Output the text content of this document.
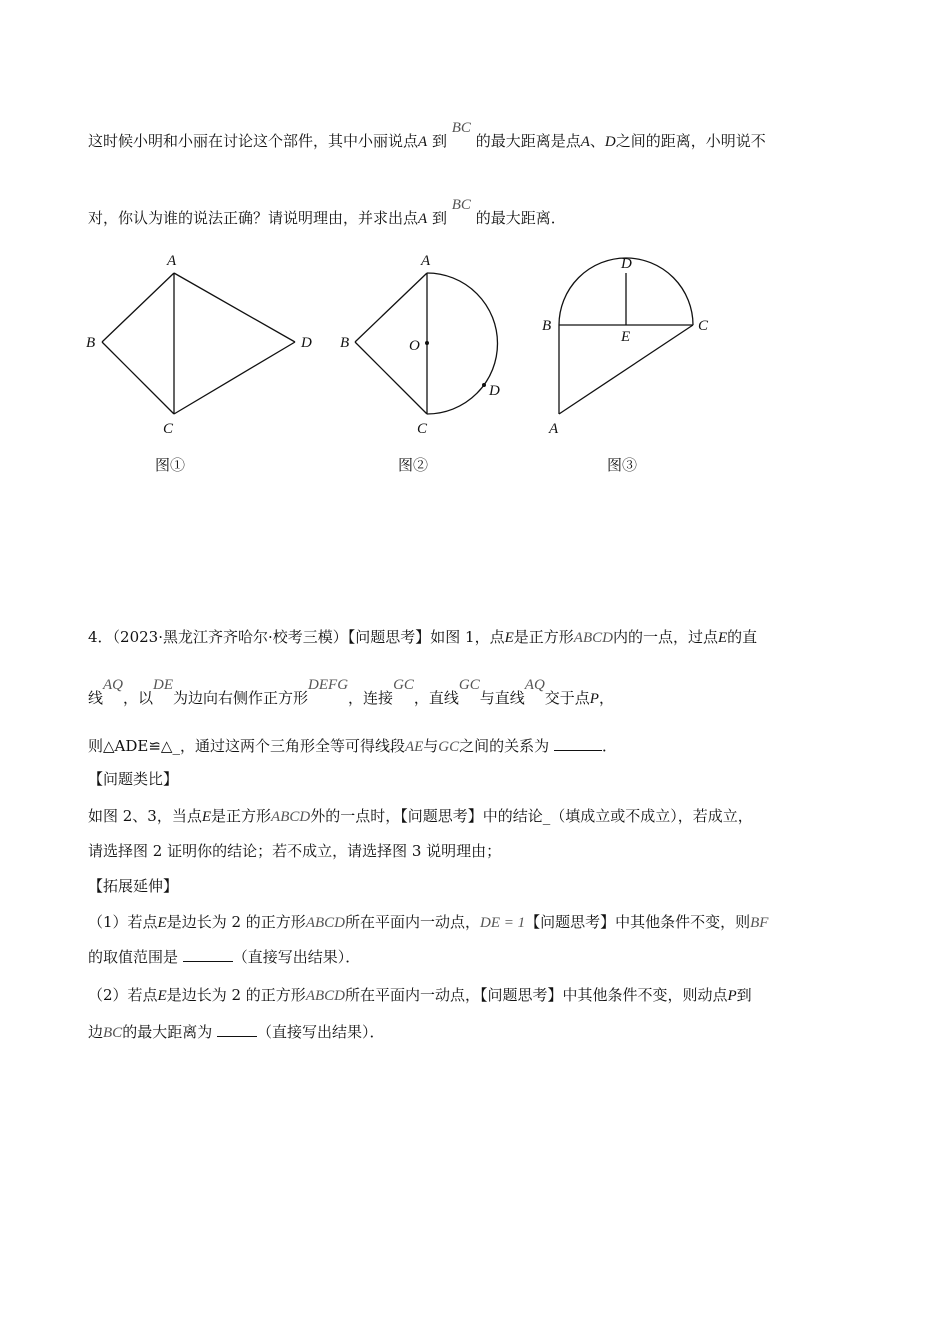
这时候小明和小丽在讨论这个部件，其中小丽说点A 到 BC 的最大距离是点A、D之间的距离，小明说不
对，你认为谁的说法正确？请说明理由，并求出点A 到 BC 的最大距离．
A
B
C
D
图①
A
B
C
D
O
图②
D
B	C
E
A
图③
4．（2023·黑龙江齐齐哈尔·校考三模）【问题思考】如图 1，点E是正方形ABCD内的一点，过点E的直
线AQ，以DE为边向右侧作正方形DEFG，连接GC，直线GC与直线AQ交于点P，
则△ADE≌△_，通过这两个三角形全等可得线段AE与GC之间的关系为	．
【问题类比】
如图 2、3，当点E是正方形ABCD外的一点时，【问题思考】中的结论_（填成立或不成立），若成立，
请选择图 2 证明你的结论；若不成立，请选择图 3 说明理由；
【拓展延伸】
（1）若点E是边长为 2 的正方形ABCD所在平面内一动点，DE = 1【问题思考】中其他条件不变，则BF
的取值范围是	（直接写出结果）．
（2）若点E是边长为 2 的正方形ABCD所在平面内一动点，【问题思考】中其他条件不变，则动点P到
边BC的最大距离为	（直接写出结果）．
